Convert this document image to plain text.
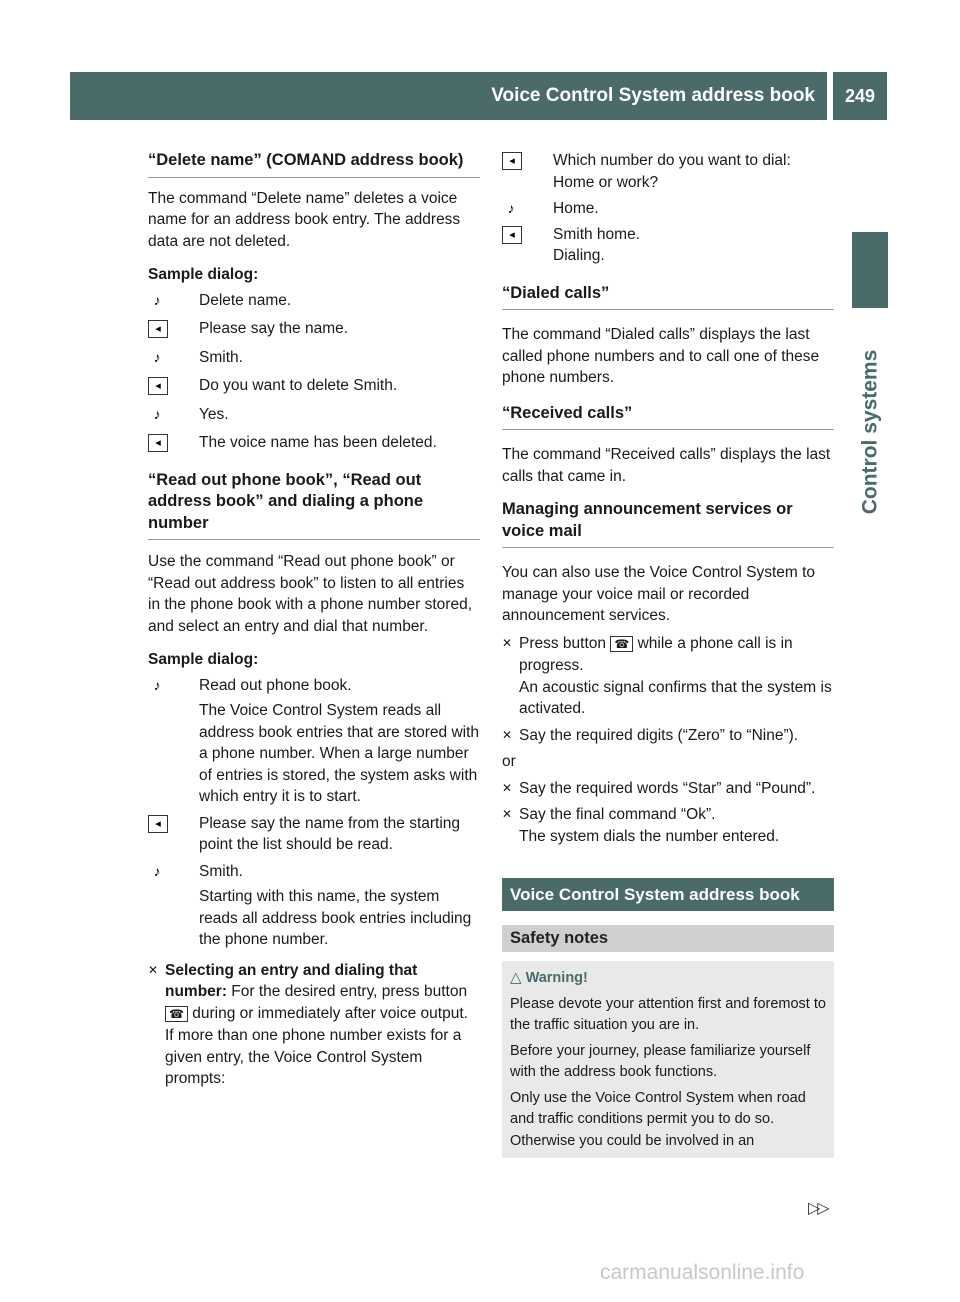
Voice Control System address book	249
Control systems
“Delete name” (COMAND address book)

The command “Delete name” deletes a voice name for an address book entry. The address data are not deleted.

Sample dialog:

♪	Delete name.
◂	Please say the name.
♪	Smith.
◂	Do you want to delete Smith.
♪	Yes.
◂	The voice name has been deleted.
“Read out phone book”, “Read out address book” and dialing a phone number

Use the command “Read out phone book” or “Read out address book” to listen to all entries in the phone book with a phone number stored, and select an entry and dial that number.

Sample dialog:

♪	Read out phone book.
The Voice Control System reads all address book entries that are stored with a phone number. When a large number of entries is stored, the system asks with which entry it is to start.
◂	Please say the name from the starting point the list should be read.
♪	Smith.
Starting with this name, the system reads all address book entries including the phone number.
✕ Selecting an entry and dialing that number: For the desired entry, press button ☎ during or immediately after voice output.
If more than one phone number exists for a given entry, the Voice Control System prompts:
◂	Which number do you want to dial:
Home or work?
♪	Home.
◂	Smith home.
Dialing.
“Dialed calls”

The command “Dialed calls” displays the last called phone numbers and to call one of these phone numbers.

“Received calls”

The command “Received calls” displays the last calls that came in.

Managing announcement services or voice mail

You can also use the Voice Control System to manage your voice mail or recorded announcement services.

✕ Press button ☎ while a phone call is in progress.
An acoustic signal confirms that the system is activated.
✕ Say the required digits (“Zero” to “Nine”).

or

✕ Say the required words “Star” and “Pound”.
✕ Say the final command “Ok”.
The system dials the number entered.
Voice Control System address book
Safety notes
△ Warning!

Please devote your attention first and foremost to the traffic situation you are in.

Before your journey, please familiarize yourself with the address book functions.

Only use the Voice Control System when road and traffic conditions permit you to do so. Otherwise you could be involved in an

▷▷
carmanualsonline.info
